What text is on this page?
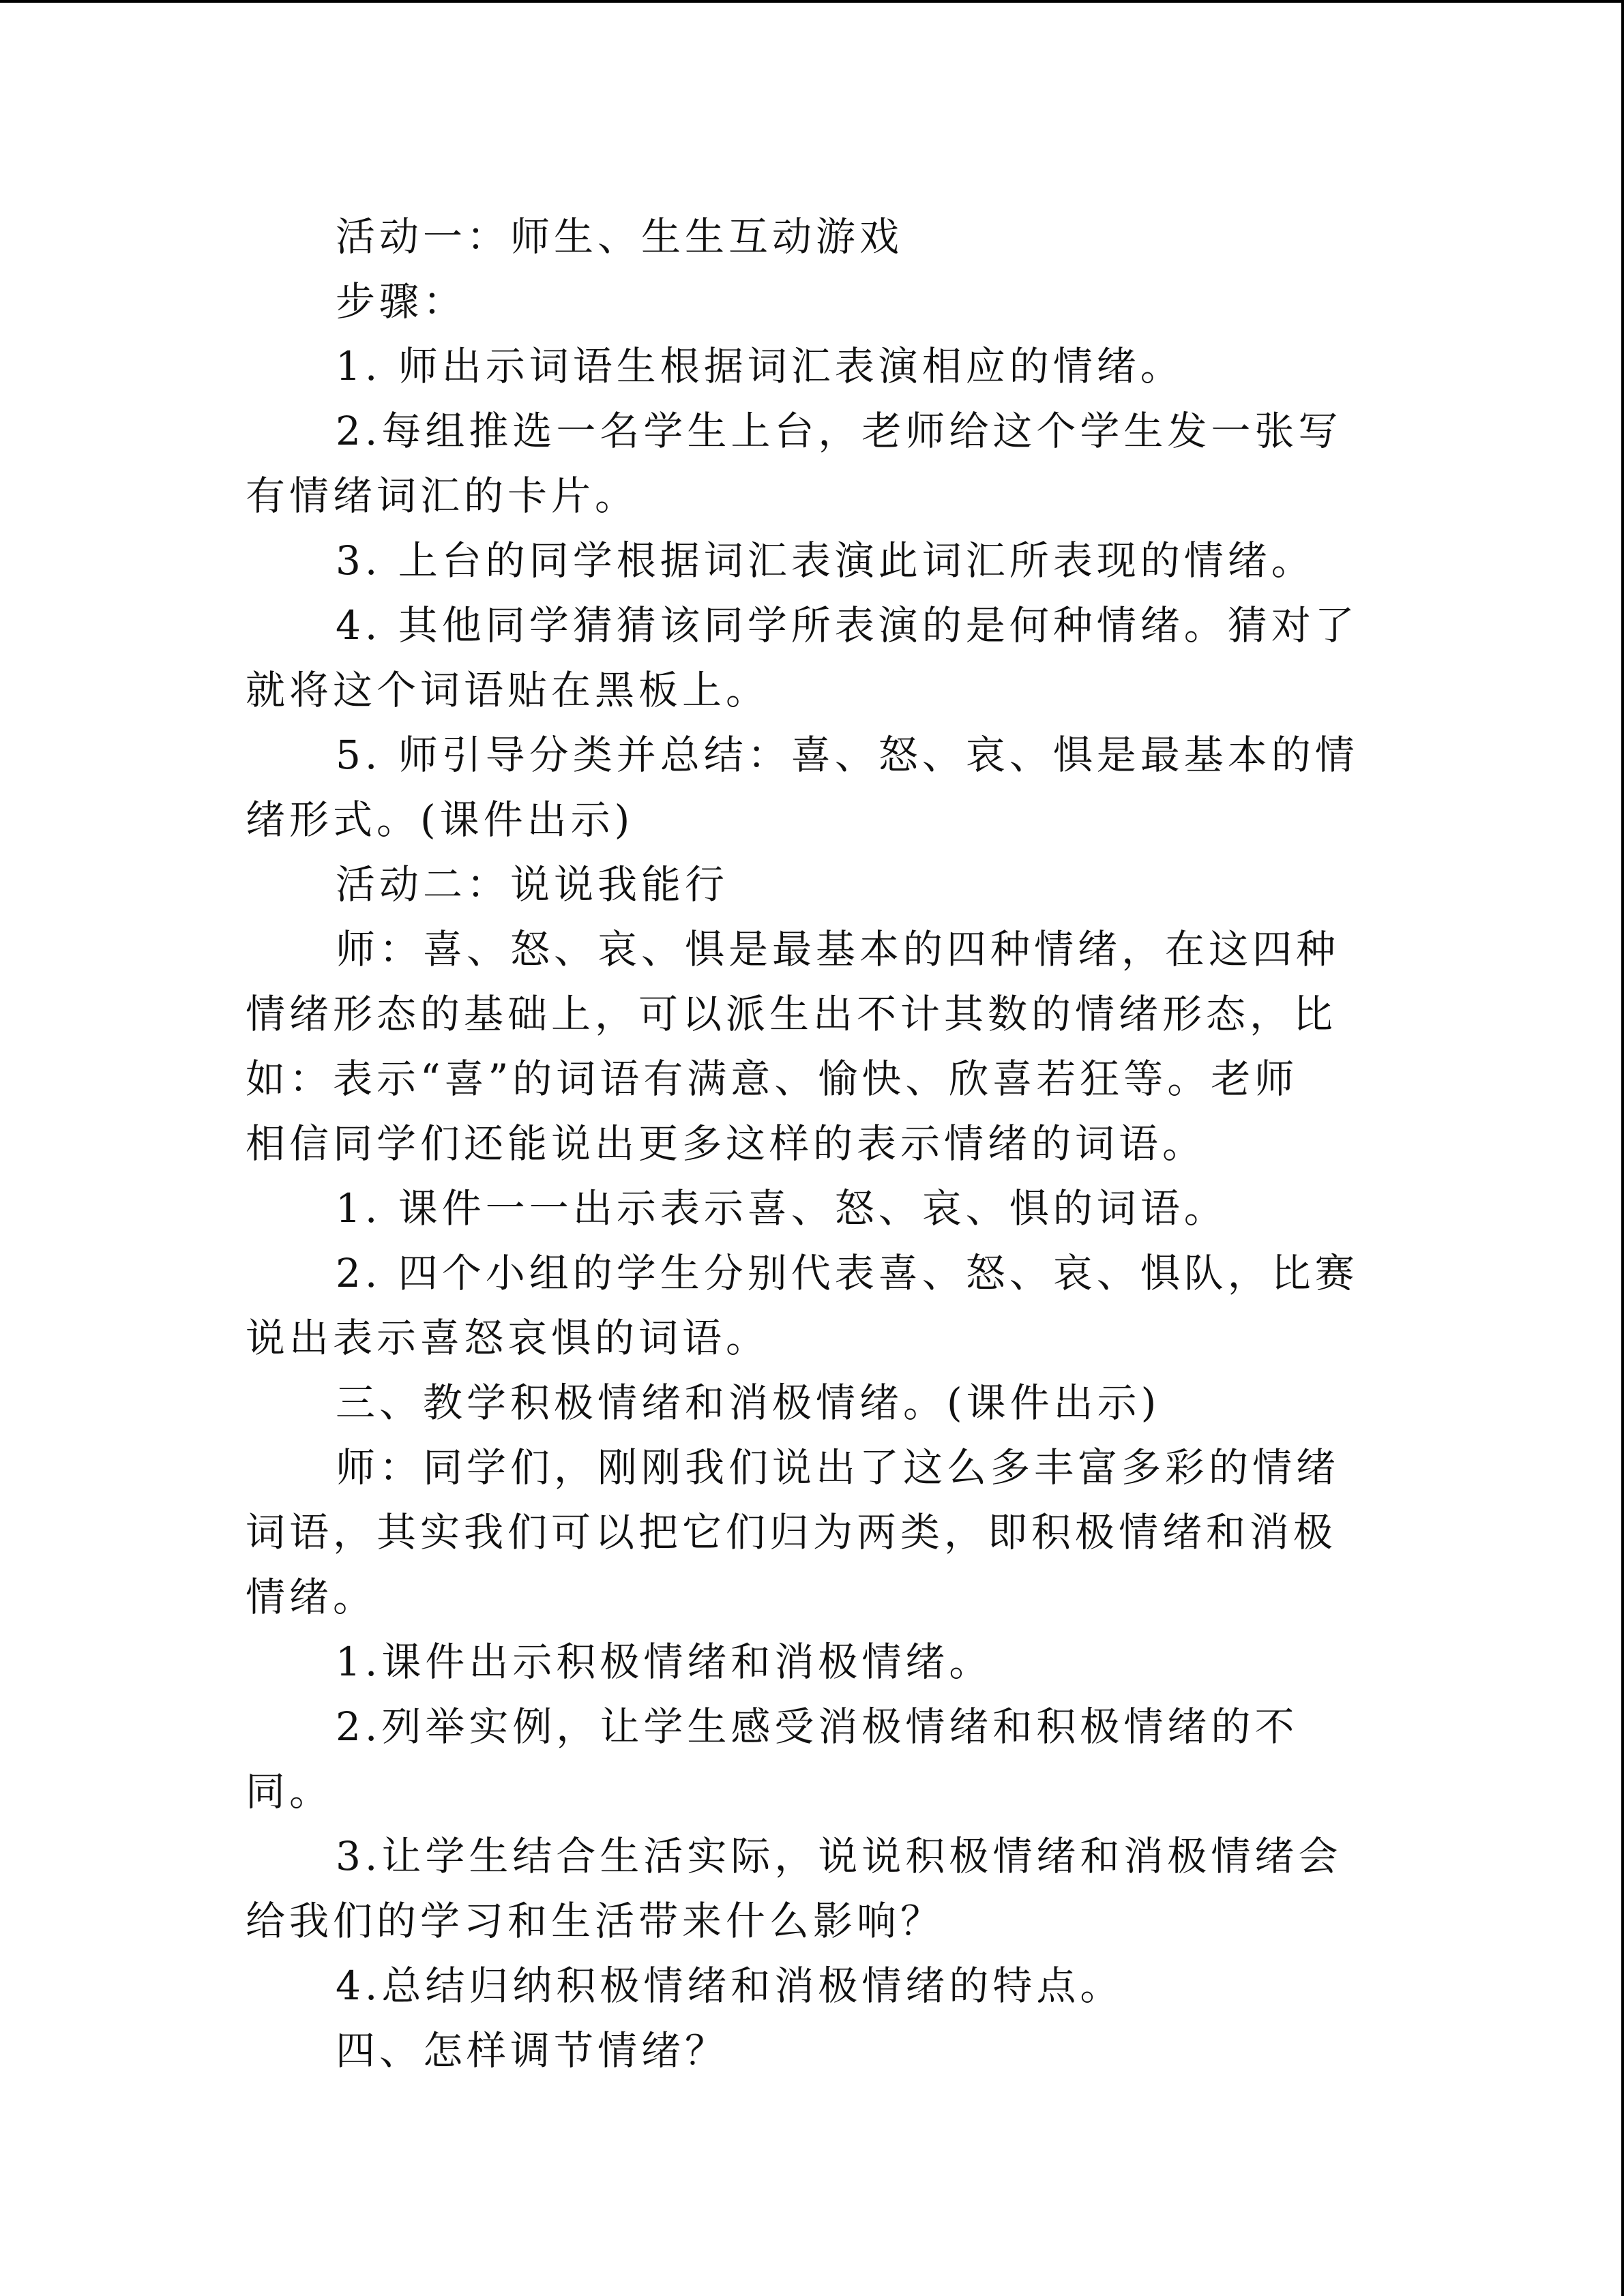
活动一：师生、生生互动游戏
步骤：
1. 师出示词语生根据词汇表演相应的情绪。
2.每组推选一名学生上台，老师给这个学生发一张写
有情绪词汇的卡片。
3. 上台的同学根据词汇表演此词汇所表现的情绪。
4. 其他同学猜猜该同学所表演的是何种情绪。猜对了
就将这个词语贴在黑板上。
5. 师引导分类并总结：喜、怒、哀、惧是最基本的情
绪形式。(课件出示)
活动二：说说我能行
师：喜、怒、哀、惧是最基本的四种情绪，在这四种
情绪形态的基础上，可以派生出不计其数的情绪形态，比
如：表示“喜”的词语有满意、愉快、欣喜若狂等。老师
相信同学们还能说出更多这样的表示情绪的词语。
1. 课件一一出示表示喜、怒、哀、惧的词语。
2. 四个小组的学生分别代表喜、怒、哀、惧队，比赛
说出表示喜怒哀惧的词语。
三、教学积极情绪和消极情绪。(课件出示)
师：同学们，刚刚我们说出了这么多丰富多彩的情绪
词语，其实我们可以把它们归为两类，即积极情绪和消极
情绪。
1.课件出示积极情绪和消极情绪。
2.列举实例，让学生感受消极情绪和积极情绪的不
同。
3.让学生结合生活实际，说说积极情绪和消极情绪会
给我们的学习和生活带来什么影响？
4.总结归纳积极情绪和消极情绪的特点。
四、怎样调节情绪？
